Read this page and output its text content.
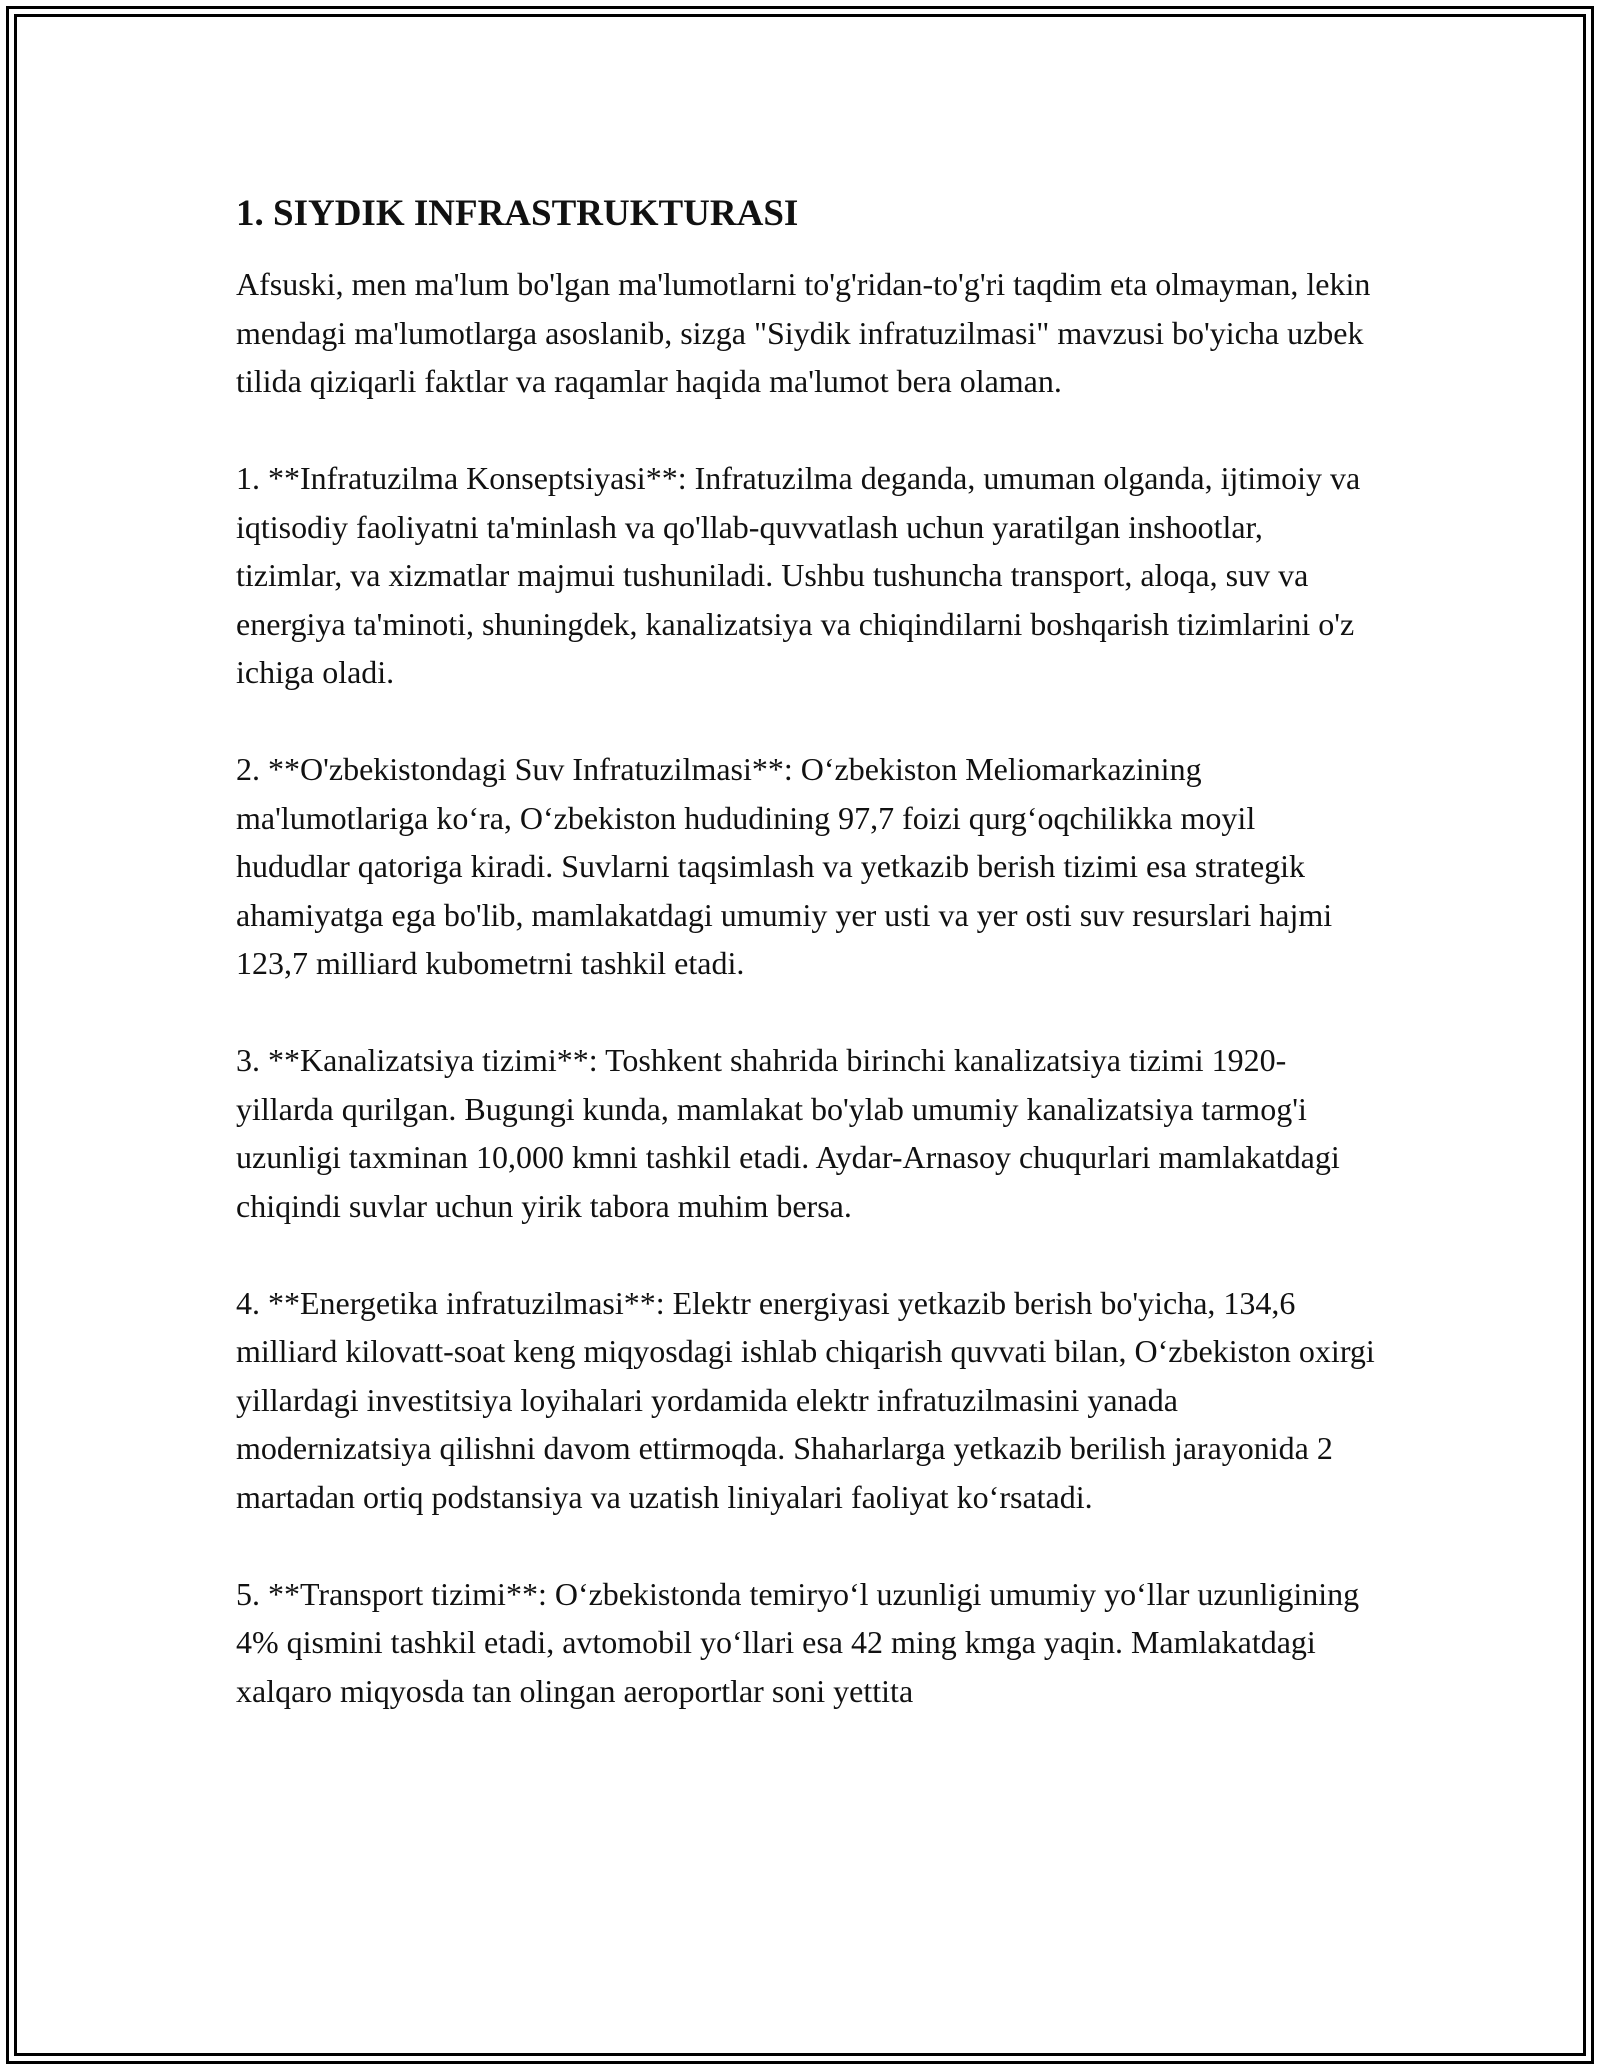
1. SIYDIK INFRASTRUKTURASI

Afsuski, men ma'lum bo'lgan ma'lumotlarni to'g'ridan-to'g'ri taqdim eta olmayman, lekin mendagi ma'lumotlarga asoslanib, sizga "Siydik infratuzilmasi" mavzusi bo'yicha uzbek tilida qiziqarli faktlar va raqamlar haqida ma'lumot bera olaman.

1. **Infratuzilma Konseptsiyasi**: Infratuzilma deganda, umuman olganda, ijtimoiy va iqtisodiy faoliyatni ta'minlash va qo'llab-quvvatlash uchun yaratilgan inshootlar, tizimlar, va xizmatlar majmui tushuniladi. Ushbu tushuncha transport, aloqa, suv va energiya ta'minoti, shuningdek, kanalizatsiya va chiqindilarni boshqarish tizimlarini o'z ichiga oladi.

2. **O'zbekistondagi Suv Infratuzilmasi**: O‘zbekiston Meliomarkazining ma'lumotlariga ko‘ra, O‘zbekiston hududining 97,7 foizi qurg‘oqchilikka moyil hududlar qatoriga kiradi. Suvlarni taqsimlash va yetkazib berish tizimi esa strategik ahamiyatga ega bo'lib, mamlakatdagi umumiy yer usti va yer osti suv resurslari hajmi 123,7 milliard kubometrni tashkil etadi.

3. **Kanalizatsiya tizimi**: Toshkent shahrida birinchi kanalizatsiya tizimi 1920-yillarda qurilgan. Bugungi kunda, mamlakat bo'ylab umumiy kanalizatsiya tarmog'i uzunligi taxminan 10,000 kmni tashkil etadi. Aydar-Arnasoy chuqurlari mamlakatdagi chiqindi suvlar uchun yirik tabora muhim bersa.

4. **Energetika infratuzilmasi**: Elektr energiyasi yetkazib berish bo'yicha, 134,6 milliard kilovatt-soat keng miqyosdagi ishlab chiqarish quvvati bilan, O‘zbekiston oxirgi yillardagi investitsiya loyihalari yordamida elektr infratuzilmasini yanada modernizatsiya qilishni davom ettirmoqda. Shaharlarga yetkazib berilish jarayonida 2 martadan ortiq podstansiya va uzatish liniyalari faoliyat ko‘rsatadi.

5. **Transport tizimi**: O‘zbekistonda temiryo‘l uzunligi umumiy yo‘llar uzunligining 4% qismini tashkil etadi, avtomobil yo‘llari esa 42 ming kmga yaqin. Mamlakatdagi xalqaro miqyosda tan olingan aeroportlar soni yettita
